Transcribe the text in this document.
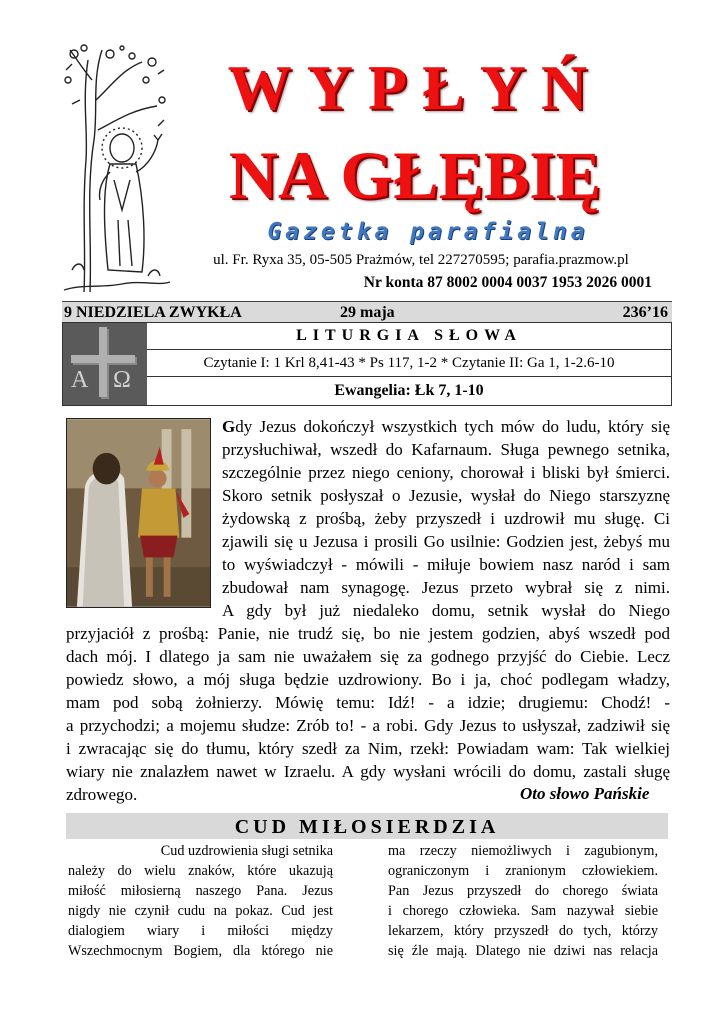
WYPŁYŃ
NA GŁĘBIĘ
Gazetka parafialna
ul. Fr. Ryxa 35, 05-505 Prażmów, tel 227270595; parafia.prazmow.pl
Nr konta 87 8002 0004 0037 1953 2026 0001
9 NIEDZIELA ZWYKŁA	29 maja	236’16
A Ω
LITURGIA SŁOWA
Czytanie I: 1 Krl 8,41-43 * Ps 117, 1-2 * Czytanie II: Ga 1, 1-2.6-10
Ewangelia: Łk 7, 1-10
Gdy Jezus dokończył wszystkich tych mów do ludu, który się
przysłuchiwał, wszedł do Kafarnaum. Sługa pewnego setnika,
szczególnie przez niego ceniony, chorował i bliski był śmierci.
Skoro setnik posłyszał o Jezusie, wysłał do Niego starszyznę
żydowską z prośbą, żeby przyszedł i uzdrowił mu sługę. Ci
zjawili się u Jezusa i prosili Go usilnie: Godzien jest, żebyś mu
to wyświadczył - mówili - miłuje bowiem nasz naród i sam
zbudował nam synagogę. Jezus przeto wybrał się z nimi.
A gdy był już niedaleko domu, setnik wysłał do Niego
przyjaciół z prośbą: Panie, nie trudź się, bo nie jestem godzien, abyś wszedł pod
dach mój. I dlatego ja sam nie uważałem się za godnego przyjść do Ciebie. Lecz
powiedz słowo, a mój sługa będzie uzdrowiony. Bo i ja, choć podlegam władzy,
mam pod sobą żołnierzy. Mówię temu: Idź! - a idzie; drugiemu: Chodź! -
a przychodzi; a mojemu słudze: Zrób to! - a robi. Gdy Jezus to usłyszał, zadziwił się
i zwracając się do tłumu, który szedł za Nim, rzekł: Powiadam wam: Tak wielkiej
wiary nie znalazłem nawet w Izraelu. A gdy wysłani wrócili do domu, zastali sługę
zdrowego.	Oto słowo Pańskie
CUD MIŁOSIERDZIA
Cud uzdrowienia sługi setnika
należy do wielu znaków, które ukazują
miłość miłosierną naszego Pana. Jezus
nigdy nie czynił cudu na pokaz. Cud jest
dialogiem wiary i miłości między
Wszechmocnym Bogiem, dla którego nie
ma rzeczy niemożliwych i zagubionym,
ograniczonym i zranionym człowiekiem.
Pan Jezus przyszedł do chorego świata
i chorego człowieka. Sam nazywał siebie
lekarzem, który przyszedł do tych, którzy
się źle mają. Dlatego nie dziwi nas relacja
